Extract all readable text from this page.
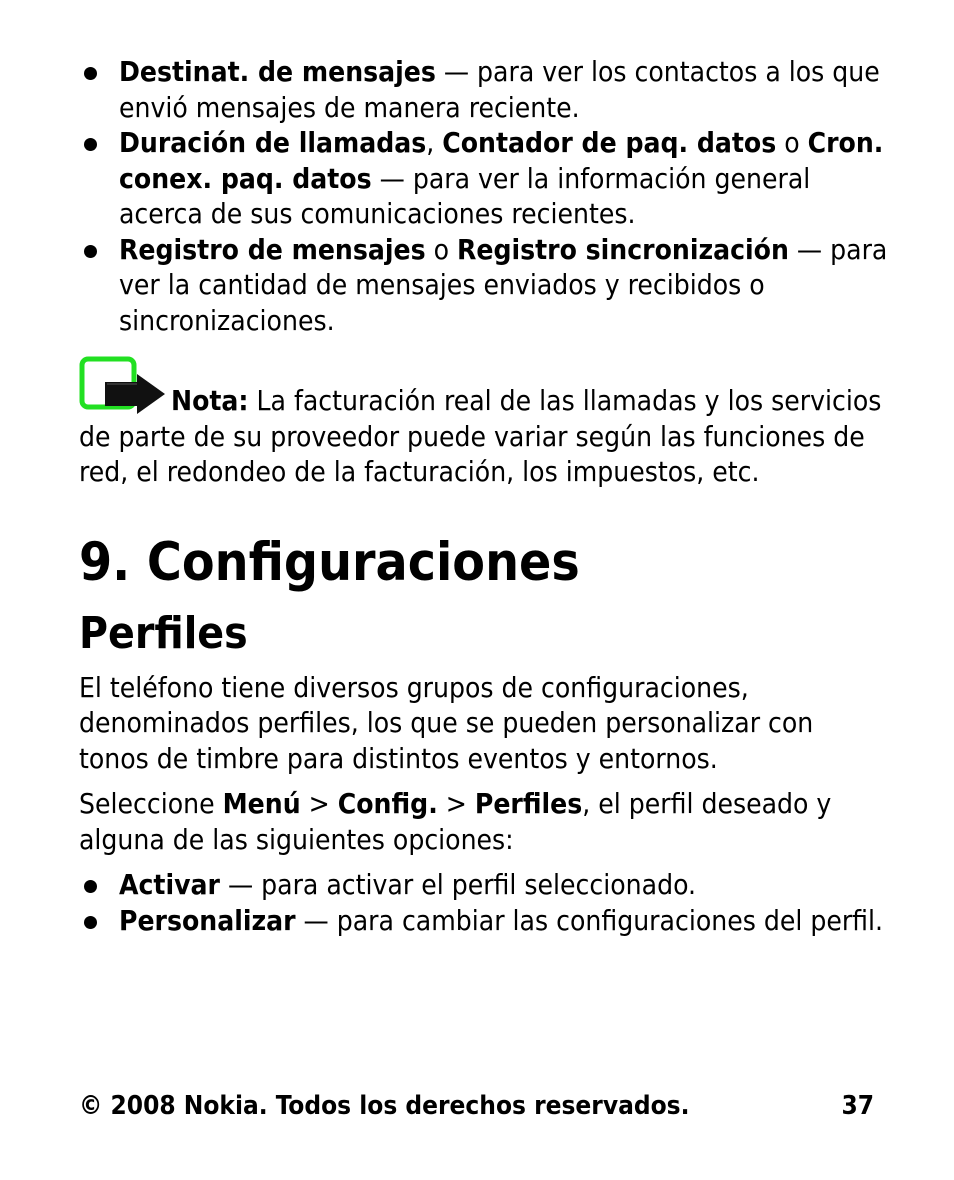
Destinat. de mensajes — para ver los contactos a los que envió mensajes de manera reciente.
Duración de llamadas, Contador de paq. datos o Cron. conex. paq. datos — para ver la información general acerca de sus comunicaciones recientes.
Registro de mensajes o Registro sincronización — para ver la cantidad de mensajes enviados y recibidos o sincronizaciones.
Nota: La facturación real de las llamadas y los servicios de parte de su proveedor puede variar según las funciones de red, el redondeo de la facturación, los impuestos, etc.
9. Configuraciones
Perfiles

El teléfono tiene diversos grupos de configuraciones, denominados perfiles, los que se pueden personalizar con tonos de timbre para distintos eventos y entornos.

Seleccione Menú > Config. > Perfiles, el perfil deseado y alguna de las siguientes opciones:

Activar — para activar el perfil seleccionado.
Personalizar — para cambiar las configuraciones del perfil.
© 2008 Nokia. Todos los derechos reservados.	37
